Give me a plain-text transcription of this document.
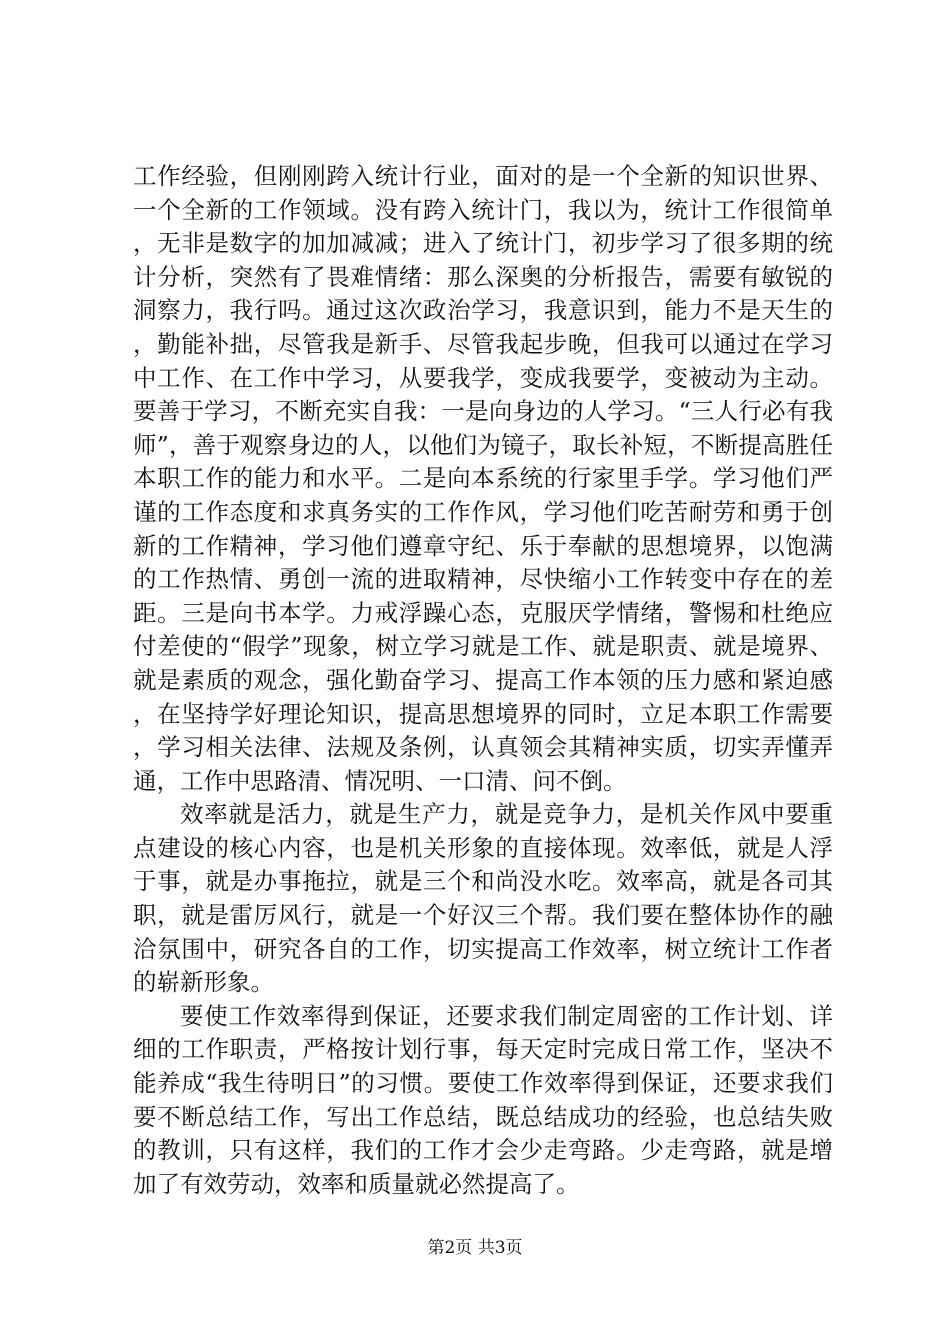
工作经验，但刚刚跨入统计行业，面对的是一个全新的知识世界、一个全新的工作领域。没有跨入统计门，我以为，统计工作很简单，无非是数字的加加减减；进入了统计门，初步学习了很多期的统计分析，突然有了畏难情绪：那么深奥的分析报告，需要有敏锐的洞察力，我行吗。通过这次政治学习，我意识到，能力不是天生的，勤能补拙，尽管我是新手、尽管我起步晚，但我可以通过在学习中工作、在工作中学习，从要我学，变成我要学，变被动为主动。要善于学习，不断充实自我：一是向身边的人学习。“三人行必有我师”，善于观察身边的人，以他们为镜子，取长补短，不断提高胜任本职工作的能力和水平。二是向本系统的行家里手学。学习他们严谨的工作态度和求真务实的工作作风，学习他们吃苦耐劳和勇于创新的工作精神，学习他们遵章守纪、乐于奉献的思想境界，以饱满的工作热情、勇创一流的进取精神，尽快缩小工作转变中存在的差距。三是向书本学。力戒浮躁心态，克服厌学情绪，警惕和杜绝应付差使的“假学”现象，树立学习就是工作、就是职责、就是境界、就是素质的观念，强化勤奋学习、提高工作本领的压力感和紧迫感，在坚持学好理论知识，提高思想境界的同时，立足本职工作需要，学习相关法律、法规及条例，认真领会其精神实质，切实弄懂弄通，工作中思路清、情况明、一口清、问不倒。

效率就是活力，就是生产力，就是竞争力，是机关作风中要重点建设的核心内容，也是机关形象的直接体现。效率低，就是人浮于事，就是办事拖拉，就是三个和尚没水吃。效率高，就是各司其职，就是雷厉风行，就是一个好汉三个帮。我们要在整体协作的融洽氛围中，研究各自的工作，切实提高工作效率，树立统计工作者的崭新形象。

要使工作效率得到保证，还要求我们制定周密的工作计划、详细的工作职责，严格按计划行事，每天定时完成日常工作，坚决不能养成“我生待明日”的习惯。要使工作效率得到保证，还要求我们要不断总结工作，写出工作总结，既总结成功的经验，也总结失败的教训，只有这样，我们的工作才会少走弯路。少走弯路，就是增加了有效劳动，效率和质量就必然提高了。

第2页 共3页
